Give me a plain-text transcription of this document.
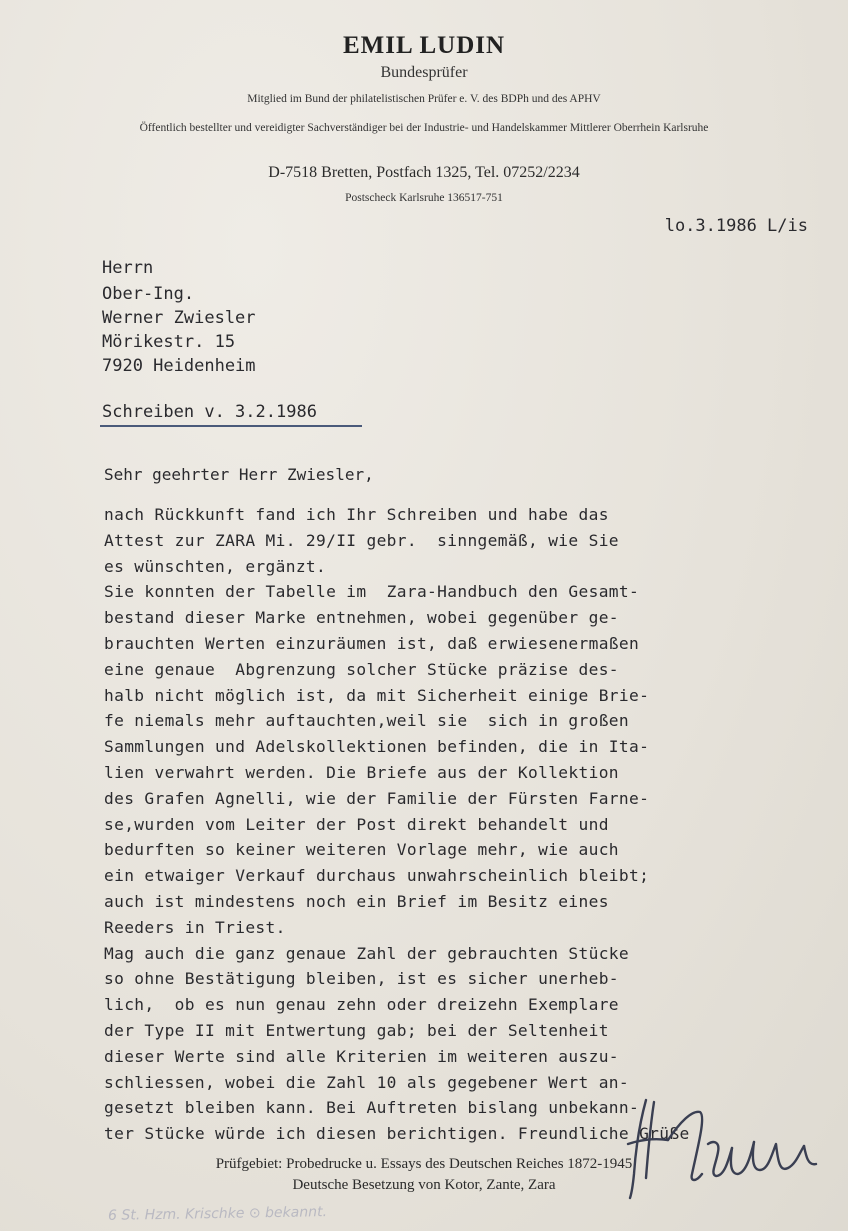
EMIL LUDIN
Bundesprüfer
Mitglied im Bund der philatelistischen Prüfer e. V. des BDPh und des APHV
Öffentlich bestellter und vereidigter Sachverständiger bei der Industrie- und Handelskammer Mittlerer Oberrhein Karlsruhe
D-7518 Bretten, Postfach 1325, Tel. 07252/2234
Postscheck Karlsruhe 136517-751
lo.3.1986 L/is
Herrn
Ober-Ing.
Werner Zwiesler
Mörikestr. 15
7920 Heidenheim
Schreiben v. 3.2.1986
Sehr geehrter Herr Zwiesler,
nach Rückkunft fand ich Ihr Schreiben und habe das
Attest zur ZARA Mi. 29/II gebr.  sinngemäß, wie Sie
es wünschten, ergänzt.
Sie konnten der Tabelle im  Zara-Handbuch den Gesamt-
bestand dieser Marke entnehmen, wobei gegenüber ge-
brauchten Werten einzuräumen ist, daß erwiesenermaßen
eine genaue  Abgrenzung solcher Stücke präzise des-
halb nicht möglich ist, da mit Sicherheit einige Brie-
fe niemals mehr auftauchten,weil sie  sich in großen
Sammlungen und Adelskollektionen befinden, die in Ita-
lien verwahrt werden. Die Briefe aus der Kollektion
des Grafen Agnelli, wie der Familie der Fürsten Farne-
se,wurden vom Leiter der Post direkt behandelt und
bedurften so keiner weiteren Vorlage mehr, wie auch
ein etwaiger Verkauf durchaus unwahrscheinlich bleibt;
auch ist mindestens noch ein Brief im Besitz eines
Reeders in Triest.
Mag auch die ganz genaue Zahl der gebrauchten Stücke
so ohne Bestätigung bleiben, ist es sicher unerheb-
lich,  ob es nun genau zehn oder dreizehn Exemplare
der Type II mit Entwertung gab; bei der Seltenheit
dieser Werte sind alle Kriterien im weiteren auszu-
schliessen, wobei die Zahl 10 als gegebener Wert an-
gesetzt bleiben kann. Bei Auftreten bislang unbekann-
ter Stücke würde ich diesen berichtigen. Freundliche Grüße
Prüfgebiet: Probedrucke u. Essays des Deutschen Reiches 1872-1945
Deutsche Besetzung von Kotor, Zante, Zara
6 St. Hzm. Krischke ⊙ bekannt.
